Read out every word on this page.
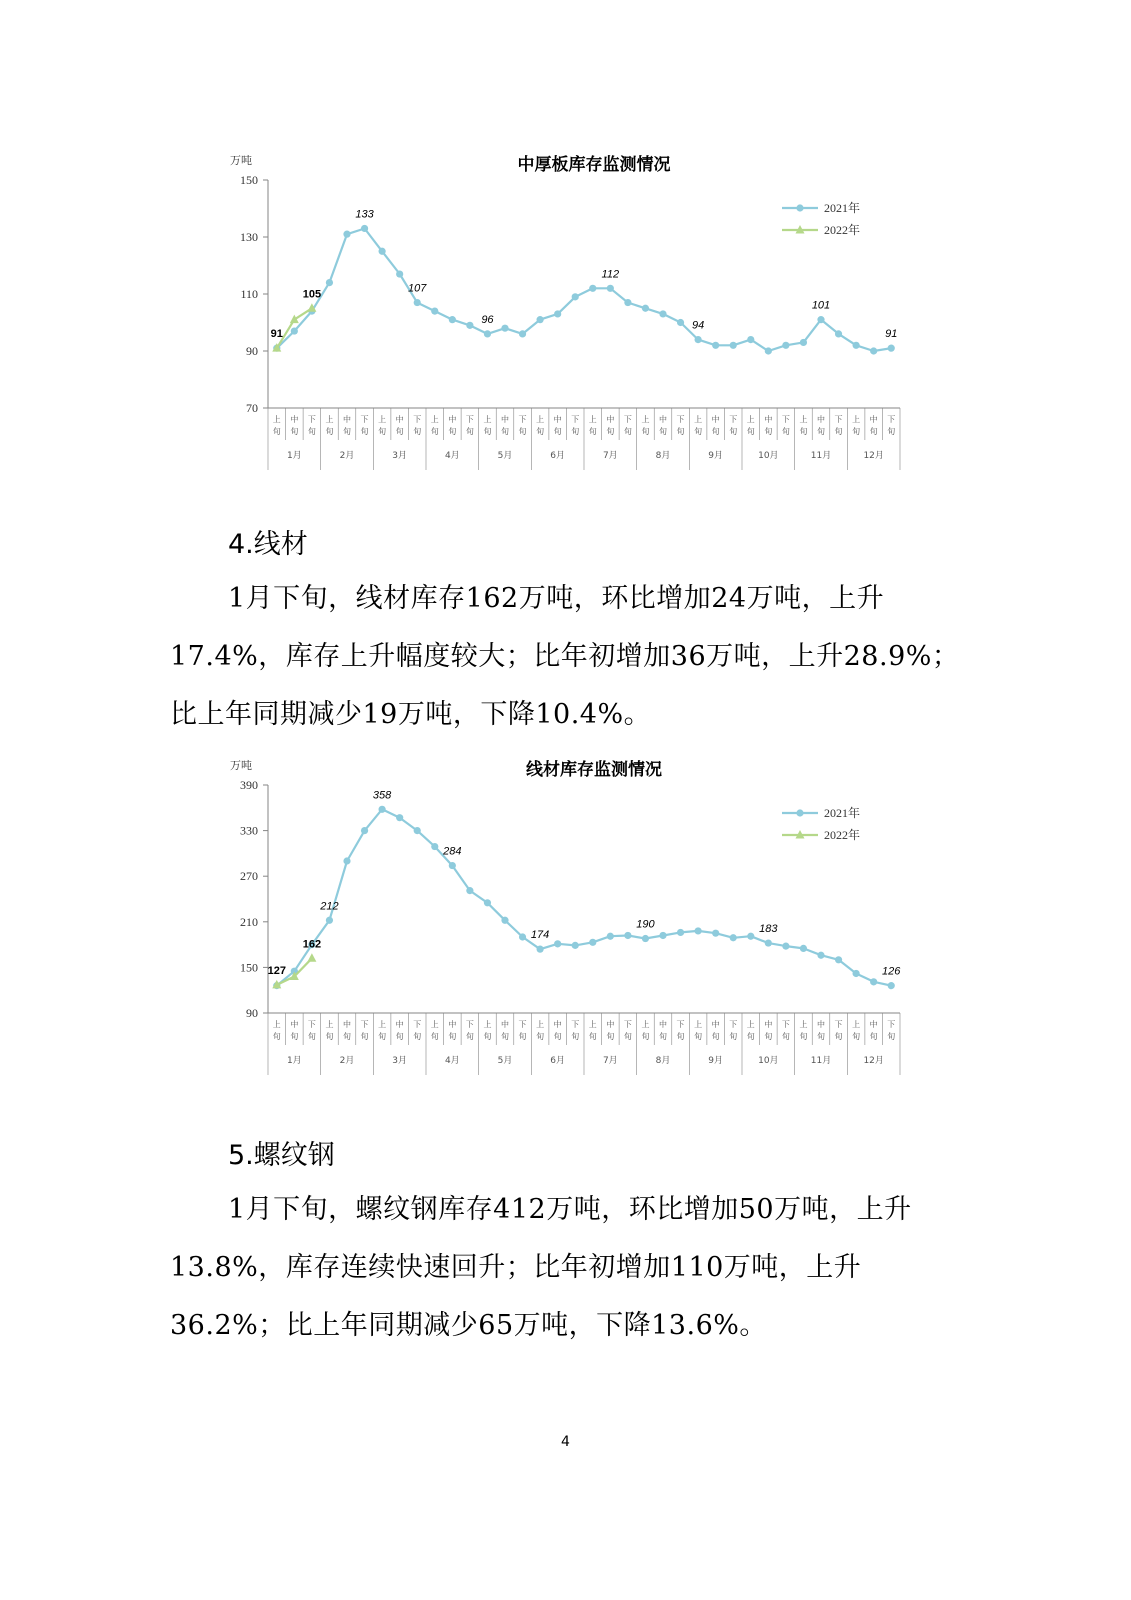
中厚板库存监测情况
万吨
70
90
110
130
150
上
旬
中
旬
下
旬
上
旬
中
旬
下
旬
上
旬
中
旬
下
旬
上
旬
中
旬
下
旬
上
旬
中
旬
下
旬
上
旬
中
旬
下
旬
上
旬
中
旬
下
旬
上
旬
中
旬
下
旬
上
旬
中
旬
下
旬
上
旬
中
旬
下
旬
上
旬
中
旬
下
旬
上
旬
中
旬
下
旬
1月	2月	3月	4月	5月	6月	7月	8月	9月	10月	11月	12月
133
107
96
112
94
101
91
91
105
2021年
2022年
4.线材

1月下旬，线材库存162万吨，环比增加24万吨，上升17.4%，库存上升幅度较大；比年初增加36万吨，上升28.9%；比上年同期减少19万吨，下降10.4%。

线材库存监测情况
万吨
90
150
210
270
330
390
上
旬
中
旬
下
旬
上
旬
中
旬
下
旬
上
旬
中
旬
下
旬
上
旬
中
旬
下
旬
上
旬
中
旬
下
旬
上
旬
中
旬
下
旬
上
旬
中
旬
下
旬
上
旬
中
旬
下
旬
上
旬
中
旬
下
旬
上
旬
中
旬
下
旬
上
旬
中
旬
下
旬
上
旬
中
旬
下
旬
1月	2月	3月	4月	5月	6月	7月	8月	9月	10月	11月	12月
212
358
284
174
190	183
126
127
162
2021年
2022年
5.螺纹钢

1月下旬，螺纹钢库存412万吨，环比增加50万吨，上升13.8%，库存连续快速回升；比年初增加110万吨，上升36.2%；比上年同期减少65万吨，下降13.6%。

4
